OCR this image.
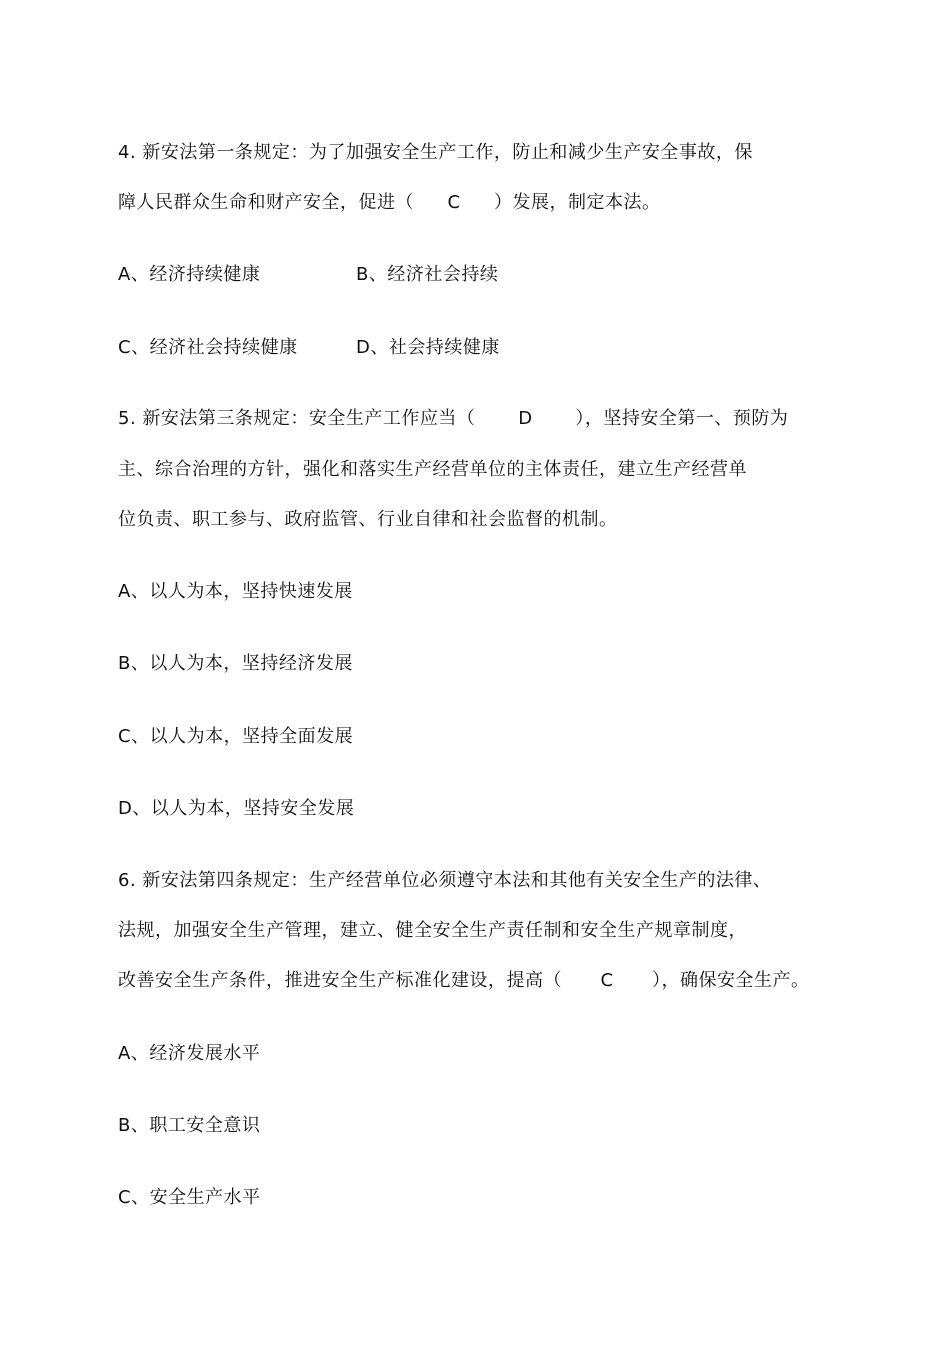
4. 新安法第一条规定：为了加强安全生产工作，防止和减少生产安全事故，保
障人民群众生命和财产安全，促进（ C ）发展，制定本法。
A、经济持续健康	B、经济社会持续
C、经济社会持续健康	D、社会持续健康
5. 新安法第三条规定：安全生产工作应当（ D ），坚持安全第一、预防为
主、综合治理的方针，强化和落实生产经营单位的主体责任，建立生产经营单
位负责、职工参与、政府监管、行业自律和社会监督的机制。
A、以人为本，坚持快速发展
B、以人为本，坚持经济发展
C、以人为本，坚持全面发展
D、以人为本，坚持安全发展
6. 新安法第四条规定：生产经营单位必须遵守本法和其他有关安全生产的法律、
法规，加强安全生产管理，建立、健全安全生产责任制和安全生产规章制度，
改善安全生产条件，推进安全生产标准化建设，提高（ C ），确保安全生产。
A、经济发展水平
B、职工安全意识
C、安全生产水平
